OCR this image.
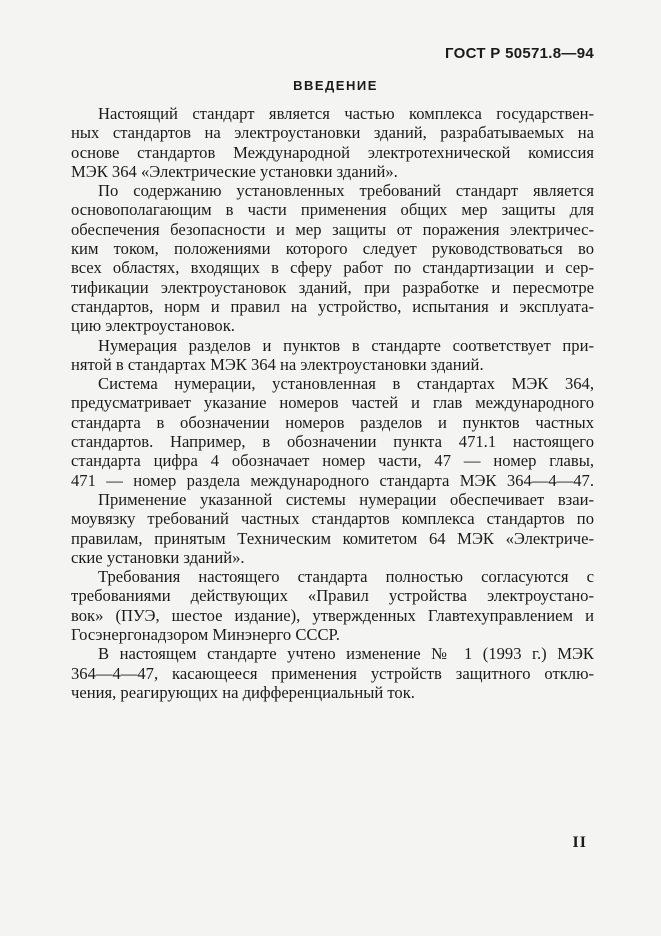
ГОСТ Р 50571.8—94
ВВЕДЕНИЕ
Настоящий стандарт является частью комплекса государствен-
ных стандартов на электроустановки зданий, разрабатываемых на
основе стандартов Международной электротехнической комиссия
МЭК 364 «Электрические установки зданий».
По содержанию установленных требований стандарт является
основополагающим в части применения общих мер защиты для
обеспечения безопасности и мер защиты от поражения электричес-
ким током, положениями которого следует руководствоваться во
всех областях, входящих в сферу работ по стандартизации и сер-
тификации электроустановок зданий, при разработке и пересмотре
стандартов, норм и правил на устройство, испытания и эксплуата-
цию электроустановок.
Нумерация разделов и пунктов в стандарте соответствует при-
нятой в стандартах МЭК 364 на электроустановки зданий.
Система нумерации, установленная в стандартах МЭК 364,
предусматривает указание номеров частей и глав международного
стандарта в обозначении номеров разделов и пунктов частных
стандартов. Например, в обозначении пункта 471.1 настоящего
стандарта цифра 4 обозначает номер части, 47 — номер главы,
471 — номер раздела международного стандарта МЭК 364—4—47.
Применение указанной системы нумерации обеспечивает взаи-
моувязку требований частных стандартов комплекса стандартов по
правилам, принятым Техническим комитетом 64 МЭК «Электриче-
ские установки зданий».
Требования настоящего стандарта полностью согласуются с
требованиями действующих «Правил устройства электроустано-
вок» (ПУЭ, шестое издание), утвержденных Главтехуправлением и
Госэнергонадзором Минэнерго СССР.
В настоящем стандарте учтено изменение № 1 (1993 г.) МЭК
364—4—47, касающееся применения устройств защитного отклю-
чения, реагирующих на дифференциальный ток.
II
